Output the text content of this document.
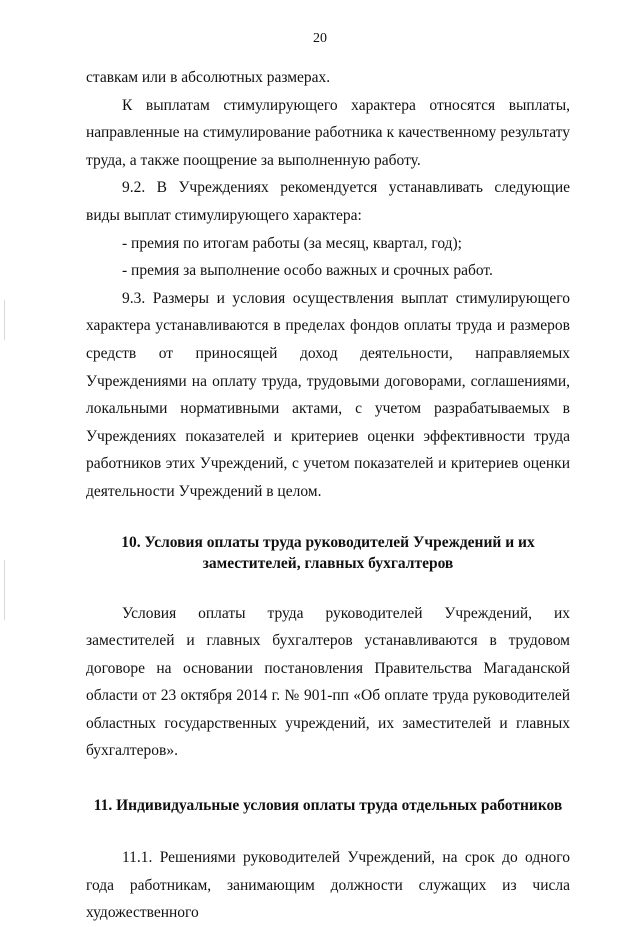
20

ставкам или в абсолютных размерах.

К выплатам стимулирующего характера относятся выплаты, направленные на стимулирование работника к качественному результату труда, а также поощрение за выполненную работу.

9.2. В Учреждениях рекомендуется устанавливать следующие виды выплат стимулирующего характера:

- премия по итогам работы (за месяц, квартал, год);

- премия за выполнение особо важных и срочных работ.

9.3. Размеры и условия осуществления выплат стимулирующего характера устанавливаются в пределах фондов оплаты труда и размеров средств от приносящей доход деятельности, направляемых Учреждениями на оплату труда, трудовыми договорами, соглашениями, локальными нормативными актами, с учетом разрабатываемых в Учреждениях показателей и критериев оценки эффективности труда работников этих Учреждений, с учетом показателей и критериев оценки деятельности Учреждений в целом.

10. Условия оплаты труда руководителей Учреждений и их
заместителей, главных бухгалтеров

Условия оплаты труда руководителей Учреждений, их заместителей и главных бухгалтеров устанавливаются в трудовом договоре на основании постановления Правительства Магаданской области от 23 октября 2014 г. № 901-пп «Об оплате труда руководителей областных государственных учреждений, их заместителей и главных бухгалтеров».

11. Индивидуальные условия оплаты труда отдельных работников

11.1. Решениями руководителей Учреждений, на срок до одного года работникам, занимающим должности служащих из числа художественного
